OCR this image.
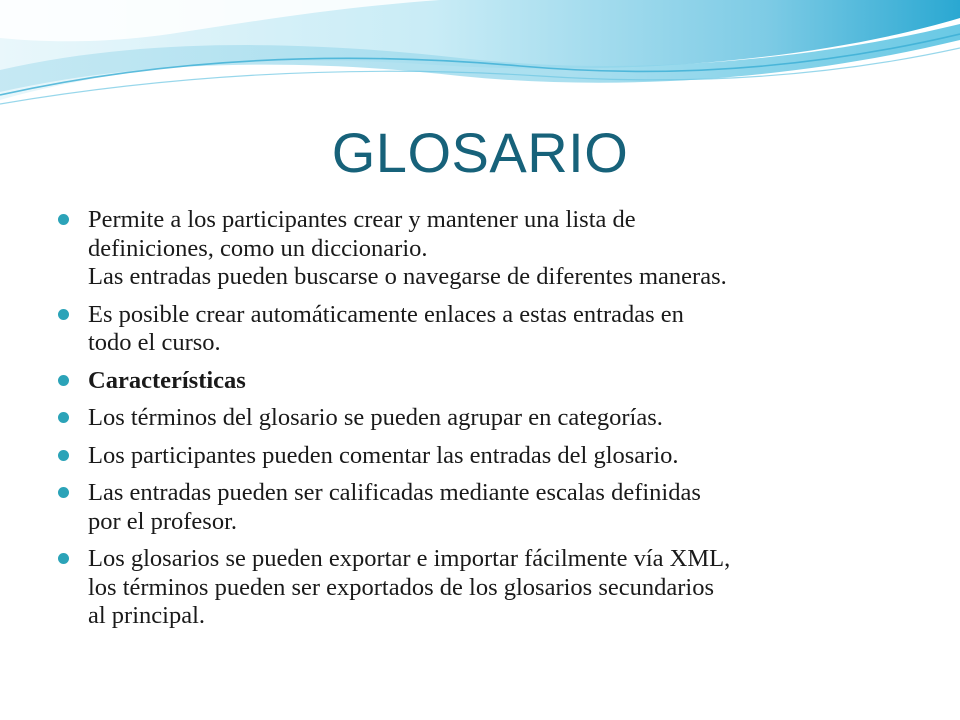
GLOSARIO
Permite a los participantes crear y mantener una lista de
definiciones, como un diccionario.
Las entradas pueden buscarse o navegarse de diferentes maneras.
Es posible crear automáticamente enlaces a estas entradas en
todo el curso.
Características
Los términos del glosario se pueden agrupar en categorías.
Los participantes pueden comentar las entradas del glosario.
Las entradas pueden ser calificadas mediante escalas definidas
por el profesor.
Los glosarios se pueden exportar e importar fácilmente vía XML,
los términos pueden ser exportados de los glosarios secundarios
al principal.
